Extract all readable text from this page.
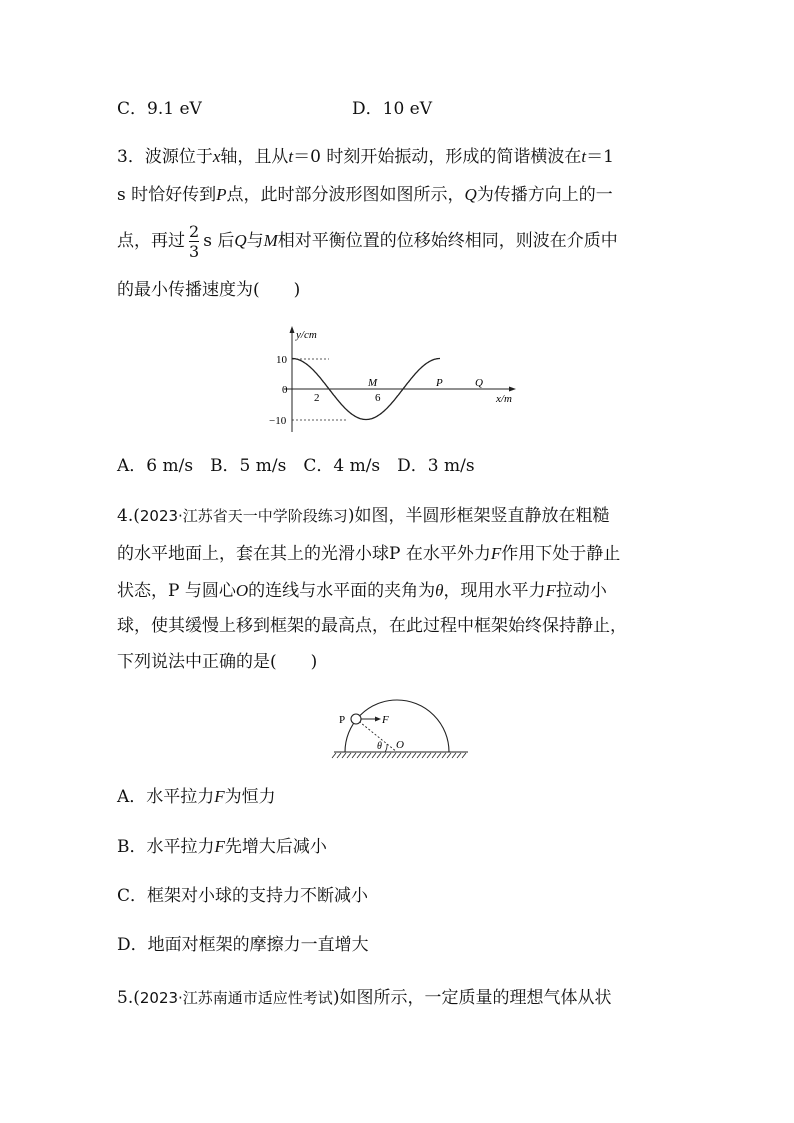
C．9.1 eV	D．10 eV
3．波源位于x轴，且从t＝0 时刻开始振动，形成的简谐横波在t＝1
s 时恰好传到P点，此时部分波形图如图所示，Q为传播方向上的一
点，再过 $\frac{2}{3}$ s 后Q与M相对平衡位置的位移始终相同，则波在介质中
的最小传播速度为(　　)
y/cm
x/m
10
0
−10
2	6
M	P	Q
A．6 m/s　B．5 m/s　C．4 m/s　D．3 m/s
4.(2023·江苏省天一中学阶段练习)如图，半圆形框架竖直静放在粗糙
的水平地面上，套在其上的光滑小球P 在水平外力F作用下处于静止
状态，P 与圆心O的连线与水平面的夹角为θ，现用水平力F拉动小
球，使其缓慢上移到框架的最高点，在此过程中框架始终保持静止，
下列说法中正确的是(　　)
P	F
θ O
A．水平拉力F为恒力
B．水平拉力F先增大后减小
C．框架对小球的支持力不断减小
D．地面对框架的摩擦力一直增大
5.(2023·江苏南通市适应性考试)如图所示，一定质量的理想气体从状
